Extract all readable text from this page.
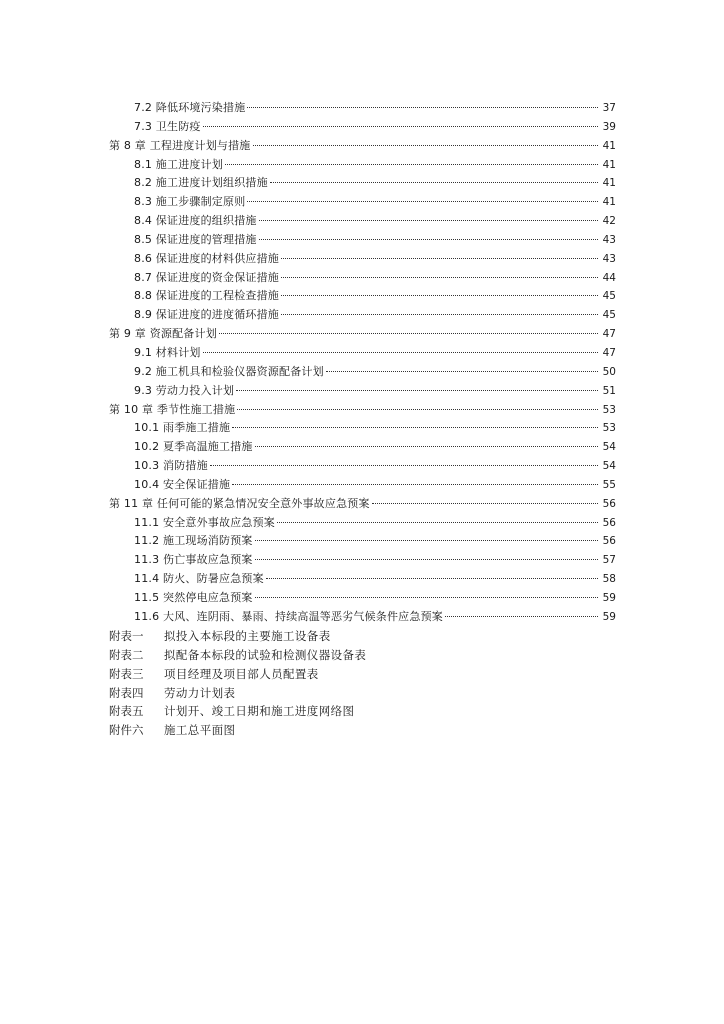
7.2 降低环境污染措施	37
7.3 卫生防疫	39
第 8 章 工程进度计划与措施	41
8.1 施工进度计划	41
8.2 施工进度计划组织措施	41
8.3 施工步骤制定原则	41
8.4 保证进度的组织措施	42
8.5 保证进度的管理措施	43
8.6 保证进度的材料供应措施	43
8.7 保证进度的资金保证措施	44
8.8 保证进度的工程检查措施	45
8.9 保证进度的进度循环措施	45
第 9 章 资源配备计划	47
9.1 材料计划	47
9.2 施工机具和检验仪器资源配备计划	50
9.3 劳动力投入计划	51
第 10 章 季节性施工措施	53
10.1 雨季施工措施	53
10.2 夏季高温施工措施	54
10.3 消防措施	54
10.4 安全保证措施	55
第 11 章 任何可能的紧急情况安全意外事故应急预案	56
11.1 安全意外事故应急预案	56
11.2 施工现场消防预案	56
11.3 伤亡事故应急预案	57
11.4 防火、防暑应急预案	58
11.5 突然停电应急预案	59
11.6 大风、连阴雨、暴雨、持续高温等恶劣气候条件应急预案	59
附表一	拟投入本标段的主要施工设备表
附表二	拟配备本标段的试验和检测仪器设备表
附表三	项目经理及项目部人员配置表
附表四	劳动力计划表
附表五	计划开、竣工日期和施工进度网络图
附件六	施工总平面图
